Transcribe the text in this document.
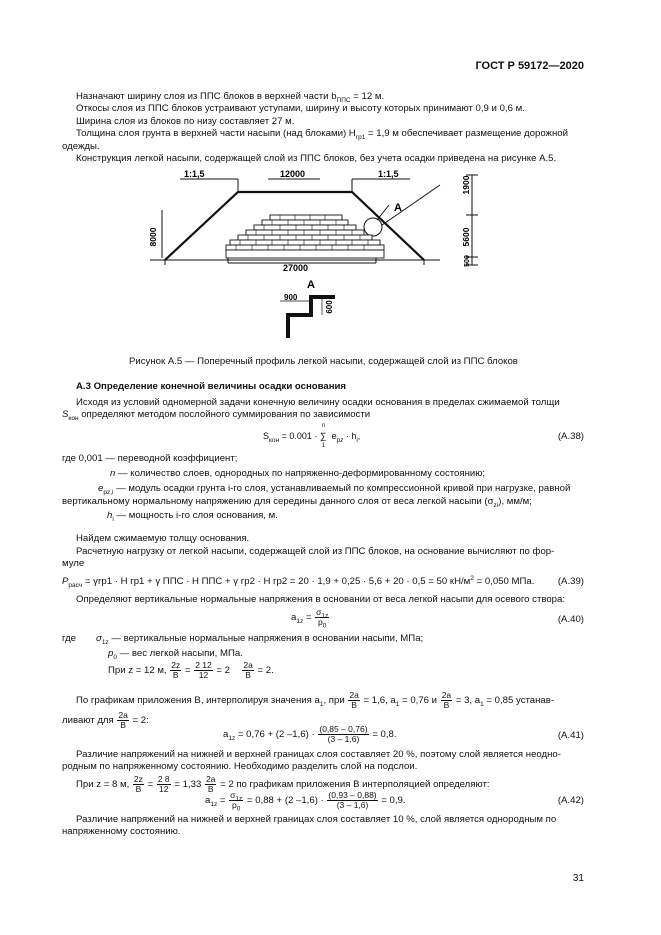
ГОСТ Р 59172—2020
Назначают ширину слоя из ППС блоков в верхней части $b_{ППС} = 12$ м.
Откосы слоя из ППС блоков устраивают уступами, ширину и высоту которых принимают 0,9 и 0,6 м.
Ширина слоя из блоков по низу составляет 27 м.
Толщина слоя грунта в верхней части насыпи (над блоками) $H_{гр1} = 1,9$ м обеспечивает размещение дорожной
одежды.
Конструкция легкой насыпи, содержащей слой из ППС блоков, без учета осадки приведена на рисунке А.5.
1:1,5	1:1,5
12000
27000
A
8000
1900
5600
500
A
900
600
Рисунок А.5 — Поперечный профиль легкой насыпи, содержащей слой из ППС блоков
А.3 Определение конечной величины осадки основания
Исходя из условий одномерной задачи конечную величину осадки основания в пределах сжимаемой толщи
$S_{кон}$ определяют методом послойного суммирования по зависимости
$S_{кон} = 0.001$ ·
n
∑
1
$e_{pz} \cdot h_i$,	(А.38)
где 0,001 — переводной коэффициент;
n — количество слоев, однородных по напряженно-деформированному состоянию;
$e_{pz,i}$ — модуль осадки грунта i-го слоя, устанавливаемый по компрессионной кривой при нагрузке, равной
вертикальному нормальному напряжению для середины данного слоя от веса легкой насыпи $(\sigma_{zi})$, мм/м;
$h_i$ — мощность i-го слоя основания, м.
Найдем сжимаемую толщу основания.
Расчетную нагрузку от легкой насыпи, содержащей слой из ППС блоков, на основание вычисляют по фор-
муле
$P_{расч} = \gamma гр1 \cdot H$ гр1 + γ ППС · H ППС + γ гр2 · H гр2 = 20 · 1,9 + 0,25 · 5,6 + 20 · 0,5 = 50 $кН/м^2 = 0,050$ МПа. (А.39)
Определяют вертикальные нормальные напряжения в основании от веса легкой насыпи для осевого створа:
$a_{1z} = \frac{\sigma_{1z}}{p_0}$	(А.40)
где $\sigma_{1z}$ — вертикальные нормальные напряжения в основании насыпи, МПа;
$p_0$ — вес легкой насыпи, МПа.
При z = 12 м, $\frac{2z}{B} = \frac{2 12}{12} = 2 \frac{2a}{B} = 2$.
По графикам приложения В, интерполируя значения $a_1$, при $\frac{2a}{B} = 1,6$, $a_1 = 0,76$ и $\frac{2a}{B} = 3$, $a_1 = 0,85$ устанав-
ливают для $\frac{2a}{B} = 2$:
$a_{1z} = 0,76 + (2$ $-1,6) \cdot \frac{(0,85 - 0,76)}{(3 - 1,6)} = 0,8$.	(А.41)
Различие напряжений на нижней и верхней границах слоя составляет 20 %, поэтому слой является неодно-
родным по напряженному состоянию. Необходимо разделить слой на подслои.
При z = 8 м, $\frac{2z}{B} = \frac{2 8}{12} = 1,33 \frac{2a}{B} = 2$ по графикам приложения В интерполяцией определяют:
$a_{1z} = \frac{\sigma_{1z}}{p_0} = 0,88 + (2$ $-1,6) \cdot \frac{(0,93 - 0,88)}{(3 - 1,6)} = 0,9$.	(А.42)
Различие напряжений на нижней и верхней границах слоя составляет 10 %, слой является однородным по
напряженному состоянию.
31
